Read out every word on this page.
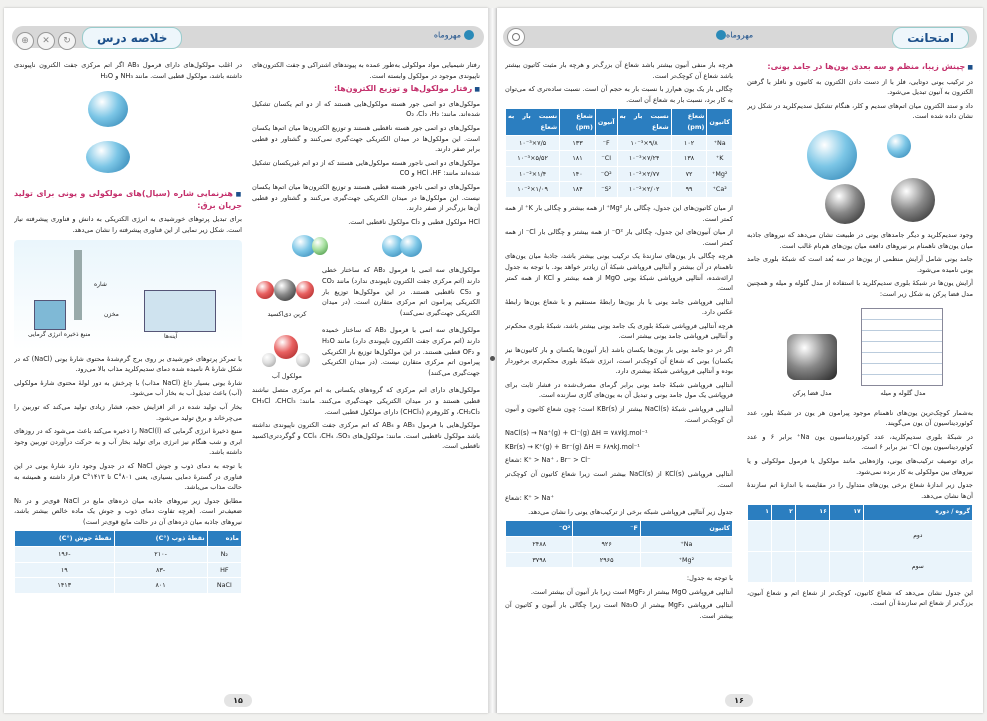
⊕ ✕ ↻	خلاصه درس	مهروماه

رفتار شیمیایی مواد مولکولی به‌طور عمده به پیوندهای اشتراکی و جفت الکترون‌های ناپیوندی موجود در مولکول وابسته است.

■ رفتار مولکول‌ها و توزیع الکترون‌ها:

مولکول‌های دو اتمی جور هسته مولکول‌هایی هستند که از دو اتم یکسان تشکیل شده‌اند. مانند: O₂ ،Cl₂ ،H₂

مولکول‌های دو اتمی جور هسته ناقطبی هستند و توزیع الکترون‌ها میان اتم‌ها یکسان است. این مولکول‌ها در میدان الکتریکی جهت‌گیری نمی‌کنند و گشتاور دو قطبی برابر صفر دارند.

مولکول‌های دو اتمی ناجور هسته مولکول‌هایی هستند که از دو اتم غیریکسان تشکیل شده‌اند مانند: HCl ،HF و CO

مولکول‌های دو اتمی ناجور هسته قطبی هستند و توزیع الکترون‌ها میان اتم‌ها یکسان نیست. این مولکول‌ها در میدان الکتریکی جهت‌گیری می‌کنند و گشتاور دو قطبی آن‌ها بزرگ‌تر از صفر دارند.

HCl مولکول قطبی و Cl₂ مولکول ناقطبی است.

کربن دی‌اکسید

مولکول‌های سه اتمی با فرمول AB₂ که ساختار خطی دارند (اتم مرکزی جفت الکترون ناپیوندی ندارد) مانند CO₂ و CS₂ ناقطبی هستند. در این مولکول‌ها توزیع بار الکتریکی پیرامون اتم مرکزی متقارن است. (در میدان الکتریکی جهت‌گیری نمی‌کنند)

مولکول آب

مولکول‌های سه اتمی با فرمول AB₂ که ساختار خمیده دارند (اتم مرکزی جفت الکترون ناپیوندی دارد) مانند H₂O و OF₂ قطبی هستند. در این مولکول‌ها توزیع بار الکتریکی پیرامون اتم مرکزی متقارن نیست. (در میدان الکتریکی جهت‌گیری می‌کنند)

مولکول‌های دارای اتم مرکزی که گروه‌های یکسانی به اتم مرکزی متصل نباشند قطبی هستند و در میدان الکتریکی جهت‌گیری می‌کنند. مانند: CH₃Cl ،CHCl₃ ،CH₂Cl₂ و کلروفرم (CHCl₃) دارای مولکول قطبی است.

مولکول‌هایی با فرمول AB₃ و AB₄ که اتم مرکزی جفت الکترون ناپیوندی نداشته باشد مولکول ناقطبی است. مانند: مولکول‌های CCl₄ ،CH₄ ،SO₃ و گوگردتری‌اکسید ناقطبی است.

در اغلب مولکول‌های دارای فرمول AB₃ اگر اتم مرکزی جفت الکترون ناپیوندی داشته باشد، مولکول قطبی است. مانند NH₃ و H₂O

■ هنرنمایی شاره (سیال)های مولکولی و یونی برای تولید جریان برق:

برای تبدیل پرتوهای خورشیدی به انرژی الکتریکی به دانش و فناوری پیشرفته نیاز است. شکل زیر نمایی از این فناوری پیشرفته را نشان می‌دهد.

آینه‌ها
شاره
منبع ذخیره انرژی گرمایی
مخزن

با تمرکز پرتوهای خورشیدی بر روی برج گرم‌شدهٔ محتوی شارهٔ یونی (NaCl) که در شکل شارهٔ A نامیده شده دمای سدیم‌کلرید مذاب بالا می‌رود.

شارهٔ یونی بسیار داغ (NaCl مذاب) با چرخش به دور لولهٔ محتوی شارهٔ مولکولی (آب) باعث تبدیل آب به بخار آب می‌شود.

بخار آب تولید شده در اثر افزایش حجم، فشار زیادی تولید می‌کند که توربین را می‌چرخاند و برق تولید می‌شود.

منبع ذخیرهٔ انرژی گرمایی که (NaCl(l را ذخیره می‌کند باعث می‌شود که در روزهای ابری و شب هنگام نیز انرژی برای تولید بخار آب و به حرکت درآوردن توربین وجود داشته باشد.

با توجه به دمای ذوب و جوش NaCl که در جدول وجود دارد شارهٔ یونی در این فناوری در گسترهٔ دمایی بسیاری، یعنی ۸۰۱°C تا ۱۴۱۳°C قرار داشته و همیشه به حالت مذاب می‌باشد.

مطابق جدول زیر نیروهای جاذبه میان ذره‌های مایع در NaCl قوی‌تر و در N₂ ضعیف‌تر است. (هرچه تفاوت دمای ذوب و جوش یک ماده خالص بیشتر باشد، نیروهای جاذبه میان ذره‌های آن در حالت مایع قوی‌تر است)

ماده	نقطهٔ ذوب (°C)	نقطهٔ جوش (°C)
N₂	-۲۱۰	-۱۹۶
HF	-۸۳	۱۹
NaCl	۸۰۱	۱۴۱۳
۱۵
مهروماه	امتحانت
■ چینش زیبا، منظم و سه بعدی یون‌ها در جامد یونی:

در ترکیب یونی دوتایی، فلز با از دست دادن الکترون به کاتیون و نافلز با گرفتن الکترون به آنیون تبدیل می‌شود.

داد و ستد الکترون میان اتم‌های سدیم و کلر، هنگام تشکیل سدیم‌کلرید در شکل زیر نشان داده شده است.

وجود سدیم‌کلرید و دیگر جامدهای یونی در طبیعت نشان می‌دهد که نیروهای جاذبه میان یون‌های ناهمنام بر نیروهای دافعه میان یون‌های هم‌نام غالب است.

جامد یونی شامل آرایش منظمی از یون‌ها در سه بُعد است که شبکهٔ بلوری جامد یونی نامیده می‌شود.

آرایش یون‌ها در شبکهٔ بلوری سدیم‌کلرید با استفاده از مدل گلوله و میله و همچنین مدل فضا پرکن به شکل زیر است:

مدل گلوله و میله
مدل فضا پرکن

به‌شمار کوچک‌ترین یون‌های ناهمنام موجود پیرامون هر یون در شبکهٔ بلور، عدد کوئوردیناسیون آن یون می‌گویند.

در شبکهٔ بلوری سدیم‌کلرید، عدد کوئوردیناسیون یون Na⁺ برابر ۶ و عدد کوئوردیناسیون یون Cl⁻ نیز برابر ۶ است.

برای توصیف ترکیب‌های یونی، واژه‌هایی مانند مولکول یا فرمول مولکولی و یا نیروهای بین مولکولی به کار برده نمی‌شود.

جدول زیر اندازهٔ شعاع برخی یون‌های متداول را در مقایسه با اندازهٔ اتم سازندهٔ آن‌ها نشان می‌دهد.

گروه / دوره	۱۷	۱۶	۲	۱
دوم				
سوم				

این جدول نشان می‌دهد که شعاع کاتیون، کوچک‌تر از شعاع اتم و شعاع آنیون، بزرگ‌تر از شعاع اتم سازندهٔ آن است.

هرچه بار منفی آنیون بیشتر باشد شعاع آن بزرگ‌تر و هرچه بار مثبت کاتیون بیشتر باشد شعاع آن کوچک‌تر است.

چگالی بار یک یون هم‌ارز با نسبت بار به حجم آن است. نسبت ساده‌تری که می‌توان به کار برد، نسبت بار به شعاع آن است.

کاتیون	شعاع (pm)	نسبت بار به شعاع	آنیون	شعاع (pm)	نسبت بار به شعاع
Na⁺	۱۰۲	۹/۸×۱۰⁻³	F⁻	۱۳۳	۷/۵×۱۰⁻³
K⁺	۱۳۸	۷/۲۴×۱۰⁻³	Cl⁻	۱۸۱	۵/۵۲×۱۰⁻³
Mg²⁺	۷۲	۲/۷۷×۱۰⁻²	O²⁻	۱۴۰	۱/۴×۱۰⁻²
Ca²⁺	۹۹	۲/۰۲×۱۰⁻²	S²⁻	۱۸۴	۱/۰۹×۱۰⁻²

از میان کاتیون‌های این جدول، چگالی بار Mg²⁺ از همه بیشتر و چگالی بار K⁺ از همه کمتر است.

از میان آنیون‌های این جدول، چگالی بار O²⁻ از همه بیشتر و چگالی بار Cl⁻ از همه کمتر است.

هرچه چگالی بار یون‌های سازندهٔ یک ترکیب یونی بیشتر باشد، جاذبهٔ میان یون‌های ناهمنام در آن بیشتر و آنتالپی فروپاشی شبکهٔ آن زیادتر خواهد بود. با توجه به جدول ارائه‌شده، آنتالپی فروپاشی شبکهٔ یونی MgO از همه بیشتر و KCl از همه کمتر است.

آنتالپی فروپاشی جامد یونی با بار یون‌ها رابطهٔ مستقیم و با شعاع یون‌ها رابطهٔ عکس دارد.

هرچه آنتالپی فروپاشی شبکهٔ بلوری یک جامد یونی بیشتر باشد، شبکهٔ بلوری محکم‌تر و آنتالپی فروپاشی جامد یونی بیشتر است.

اگر در دو جامد یونی بار یون‌ها یکسان باشد (بار آنیون‌ها یکسان و بار کاتیون‌ها نیز یکسان) یونی که شعاع آن کوچک‌تر است، انرژی شبکهٔ بلوری محکم‌تری برخوردار بوده و آنتالپی فروپاشی شبکهٔ بیشتری دارد.

آنتالپی فروپاشی شبکهٔ جامد یونی برابر گرمای مصرف‌شده در فشار ثابت برای فروپاشی یک مول جامد یونی و تبدیل آن به یون‌های گازی سازنده است.

آنتالپی فروپاشی شبکهٔ (NaCl(s بیشتر از (KBr(s است؛ چون شعاع کاتیون و آنیون آن کوچک‌تر است.

NaCl(s) → Na⁺(g) + Cl⁻(g) ΔH = ۷۸۷kJ.mol⁻¹
KBr(s) → K⁺(g) + Br⁻(g) ΔH = ۶۸۹kJ.mol⁻¹
شعاع: K⁺ > Na⁺ ، Br⁻ > Cl⁻

آنتالپی فروپاشی (KCl(s از (NaCl(s بیشتر است زیرا شعاع کاتیون آن کوچک‌تر است.

شعاع: K⁺ > Na⁺

جدول زیر آنتالپی فروپاشی شبکه برخی از ترکیب‌های یونی را نشان می‌دهد.

کاتیون	F⁻	O²⁻
Na⁺	۹۲۶	۲۴۸۸
Mg²⁺	۲۹۶۵	۳۷۹۸

با توجه به جدول:

آنتالپی فروپاشی MgO بیشتر از MgF₂ است زیرا بار آنیون آن بیشتر است.

آنتالپی فروپاشی MgF₂ بیشتر از Na₂O است زیرا چگالی بار آنیون و کاتیون آن بیشتر است.

۱۶
